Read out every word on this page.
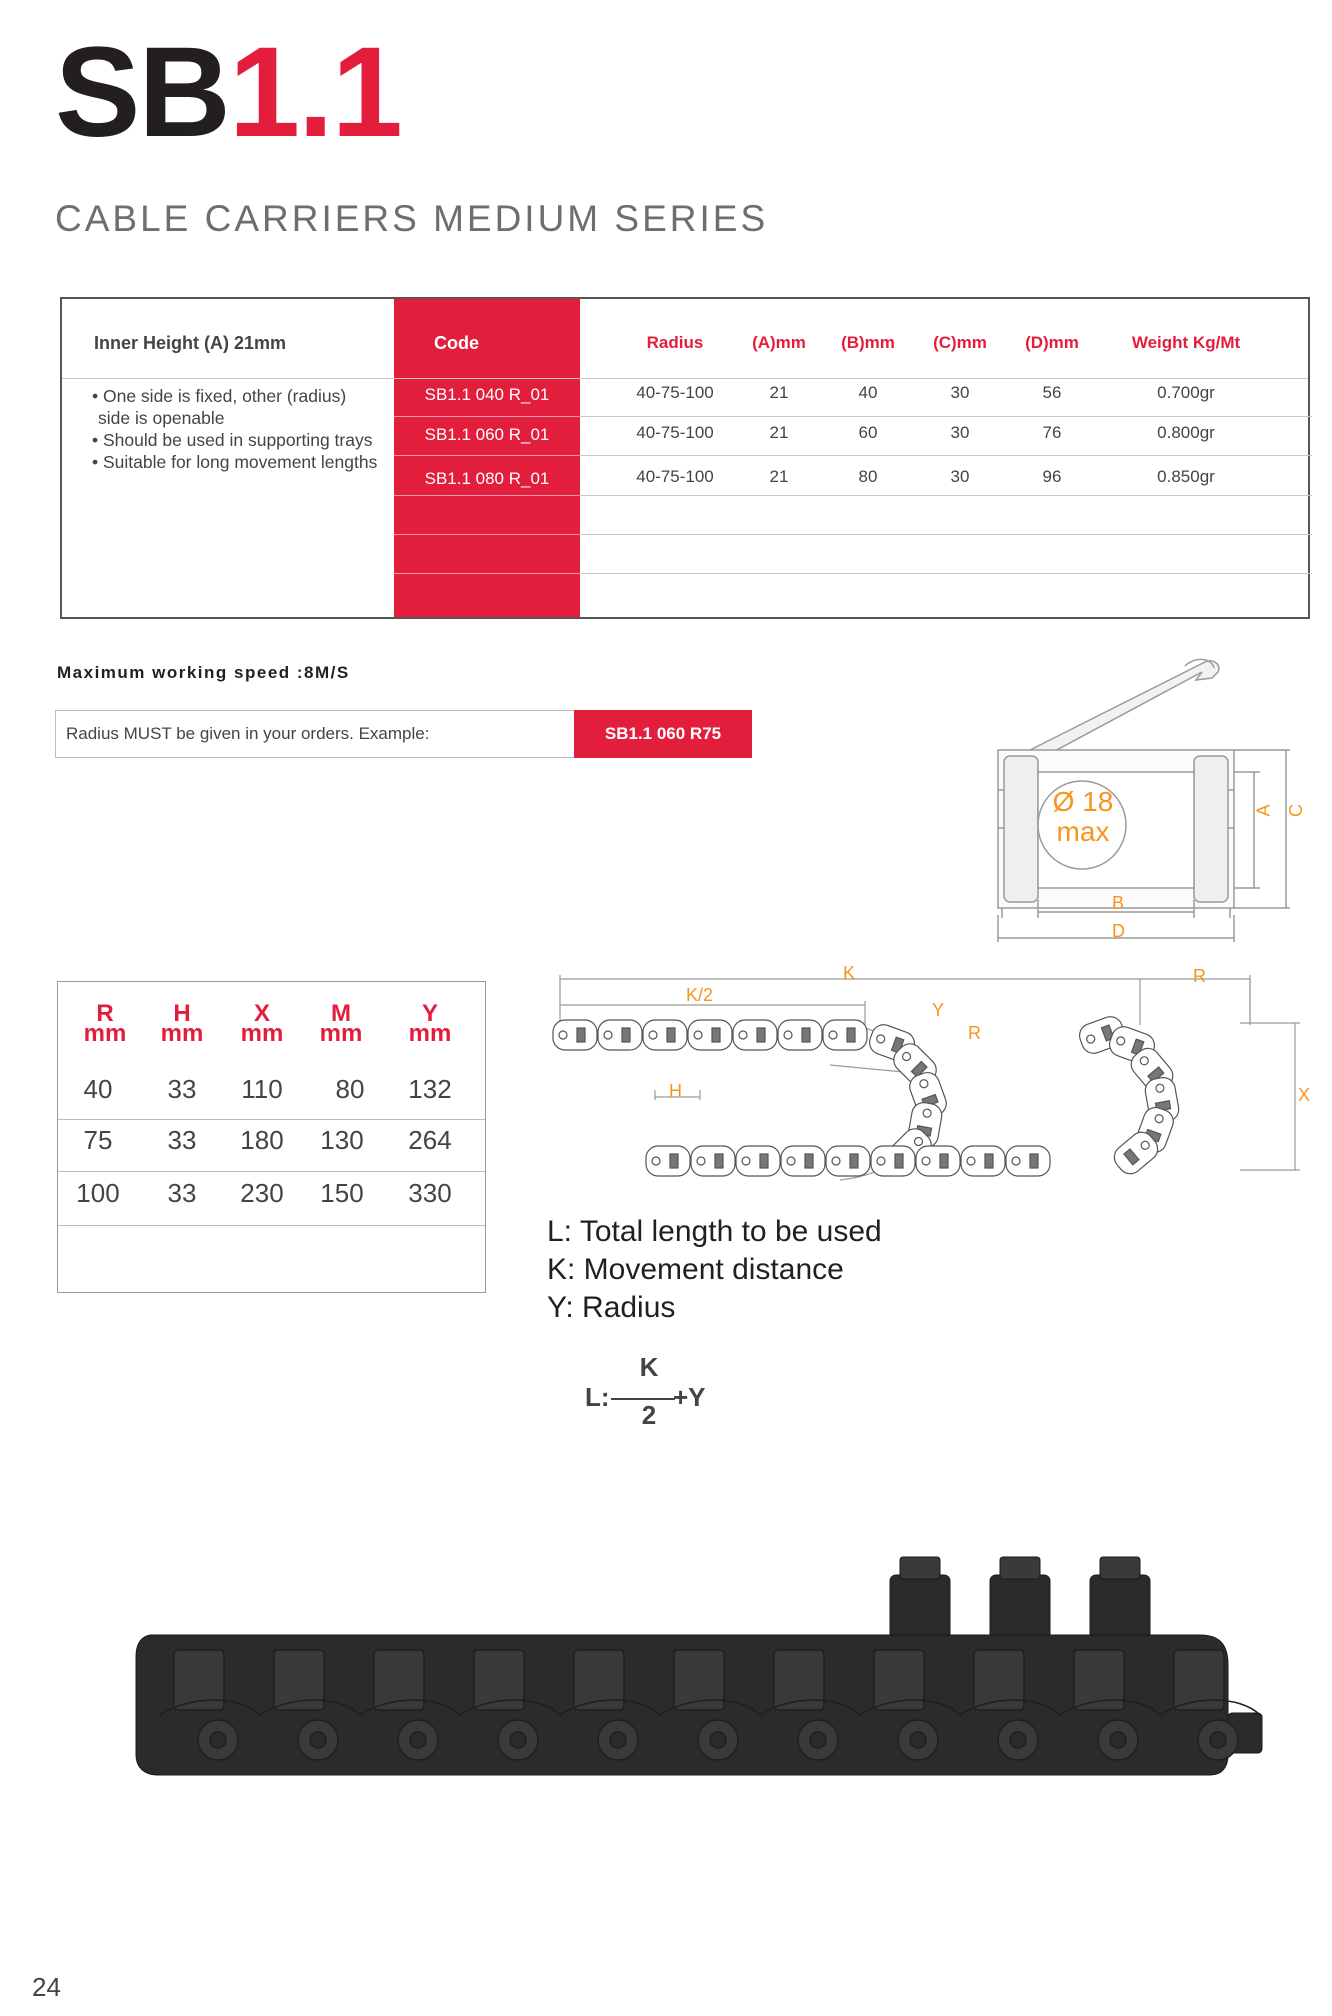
SB1.1
CABLE CARRIERS MEDIUM SERIES
Inner Height (A) 21mm	Code	Radius	(A)mm	(B)mm	(C)mm	(D)mm	Weight Kg/Mt
• One side is fixed, other (radius)
side is openable
• Should be used in supporting trays
• Suitable for long movement lengths
SB1.1 040 R_01	40-75-100	21	40	30	56	0.700gr
SB1.1 060 R_01	40-75-100	21	60	30	76	0.800gr
SB1.1 080 R_01	40-75-100	21	80	30	96	0.850gr
Maximum working speed :8M/S
Radius MUST be given in your orders. Example:	SB1.1 060 R75
Ø 18
max
B
D
A C
R
mm
H
mm
X
mm
M
mm
Y
mm
40	33	110	80	132
75	33	180	130	264
100	33	230	150	330
K
K/2
Y
R
R
H	X
L: Total length to be used
K: Movement distance
Y: Radius
L:
K
2
+Y
24
